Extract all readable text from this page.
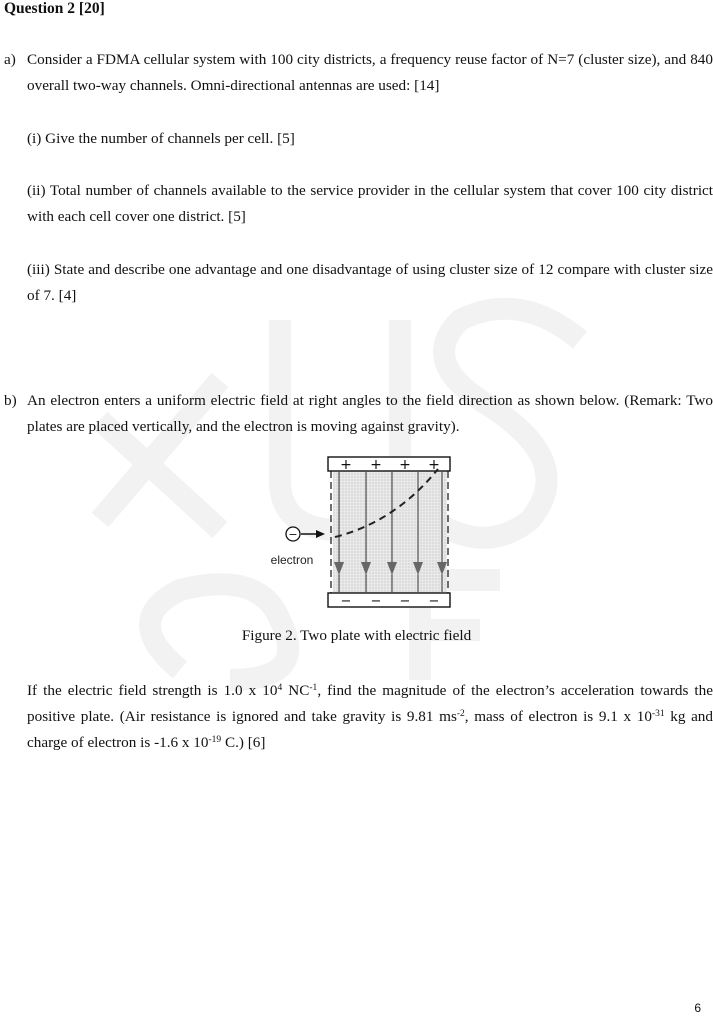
Question 2 [20]
a) Consider a FDMA cellular system with 100 city districts, a frequency reuse factor of N=7 (cluster size), and 840 overall two-way channels. Omni-directional antennas are used: [14]
(i) Give the number of channels per cell. [5]
(ii) Total number of channels available to the service provider in the cellular system that cover 100 city district with each cell cover one district. [5]
(iii) State and describe one advantage and one disadvantage of using cluster size of 12 compare with cluster size of 7. [4]
b) An electron enters a uniform electric field at right angles to the field direction as shown below. (Remark: Two plates are placed vertically, and the electron is moving against gravity).
+ + + +
− − − −
−
electron
Figure 2. Two plate with electric field
If the electric field strength is 1.0 x $10^4$ $NC^{-1}$, find the magnitude of the electron’s acceleration towards the positive plate. (Air resistance is ignored and take gravity is 9.81 $ms^{-2}$, mass of electron is 9.1 x $10^{-31}$ kg and charge of electron is -1.6 x $10^{-19}$ C.) [6]
6
